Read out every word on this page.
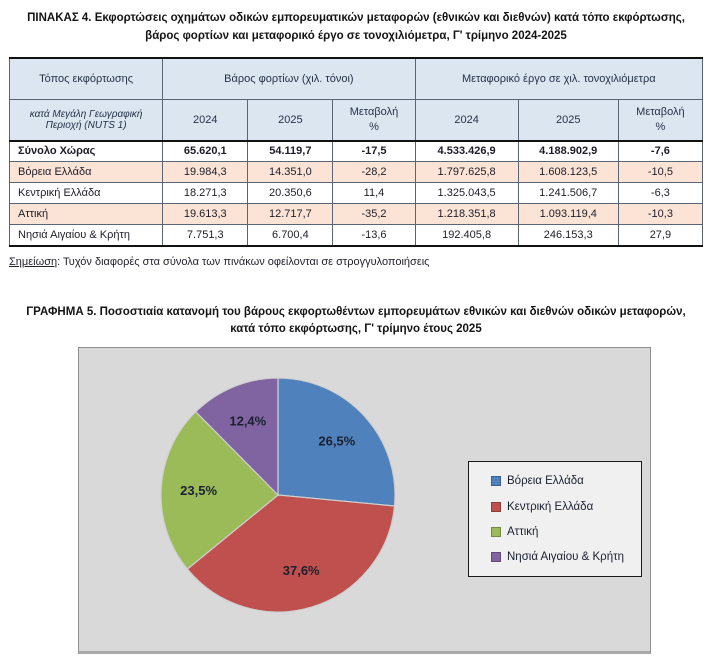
ΠΙΝΑΚΑΣ 4. Εκφορτώσεις οχημάτων οδικών εμπορευματικών μεταφορών (εθνικών και διεθνών) κατά τόπο εκφόρτωσης, βάρος φορτίων και μεταφορικό έργο σε τονοχιλιόμετρα, Γ' τρίμηνο 2024-2025
Τόπος εκφόρτωσης	Βάρος φορτίων (χιλ. τόνοι)			Μεταφορικό έργο σε χιλ. τονοχιλιόμετρα		
κατά Μεγάλη Γεωγραφική Περιοχή (NUTS 1)	2024	2025	Μεταβολή %	2024	2025	Μεταβολή %
Σύνολο Χώρας	65.620,1	54.119,7	-17,5	4.533.426,9	4.188.902,9	-7,6
Βόρεια Ελλάδα	19.984,3	14.351,0	-28,2	1.797.625,8	1.608.123,5	-10,5
Κεντρική Ελλάδα	18.271,3	20.350,6	11,4	1.325.043,5	1.241.506,7	-6,3
Αττική	19.613,3	12.717,7	-35,2	1.218.351,8	1.093.119,4	-10,3
Νησιά Αιγαίου & Κρήτη	7.751,3	6.700,4	-13,6	192.405,8	246.153,3	27,9
Σημείωση: Τυχόν διαφορές στα σύνολα των πινάκων οφείλονται σε στρογγυλοποιήσεις
ΓΡΑΦΗΜΑ 5. Ποσοστιαία κατανομή του βάρους εκφορτωθέντων εμπορευμάτων εθνικών και διεθνών οδικών μεταφορών, κατά τόπο εκφόρτωσης, Γ' τρίμηνο έτους 2025
26,5%
37,6%
23,5%
12,4%
Βόρεια Ελλάδα
Κεντρική Ελλάδα
Αττική
Νησιά Αιγαίου & Κρήτη
